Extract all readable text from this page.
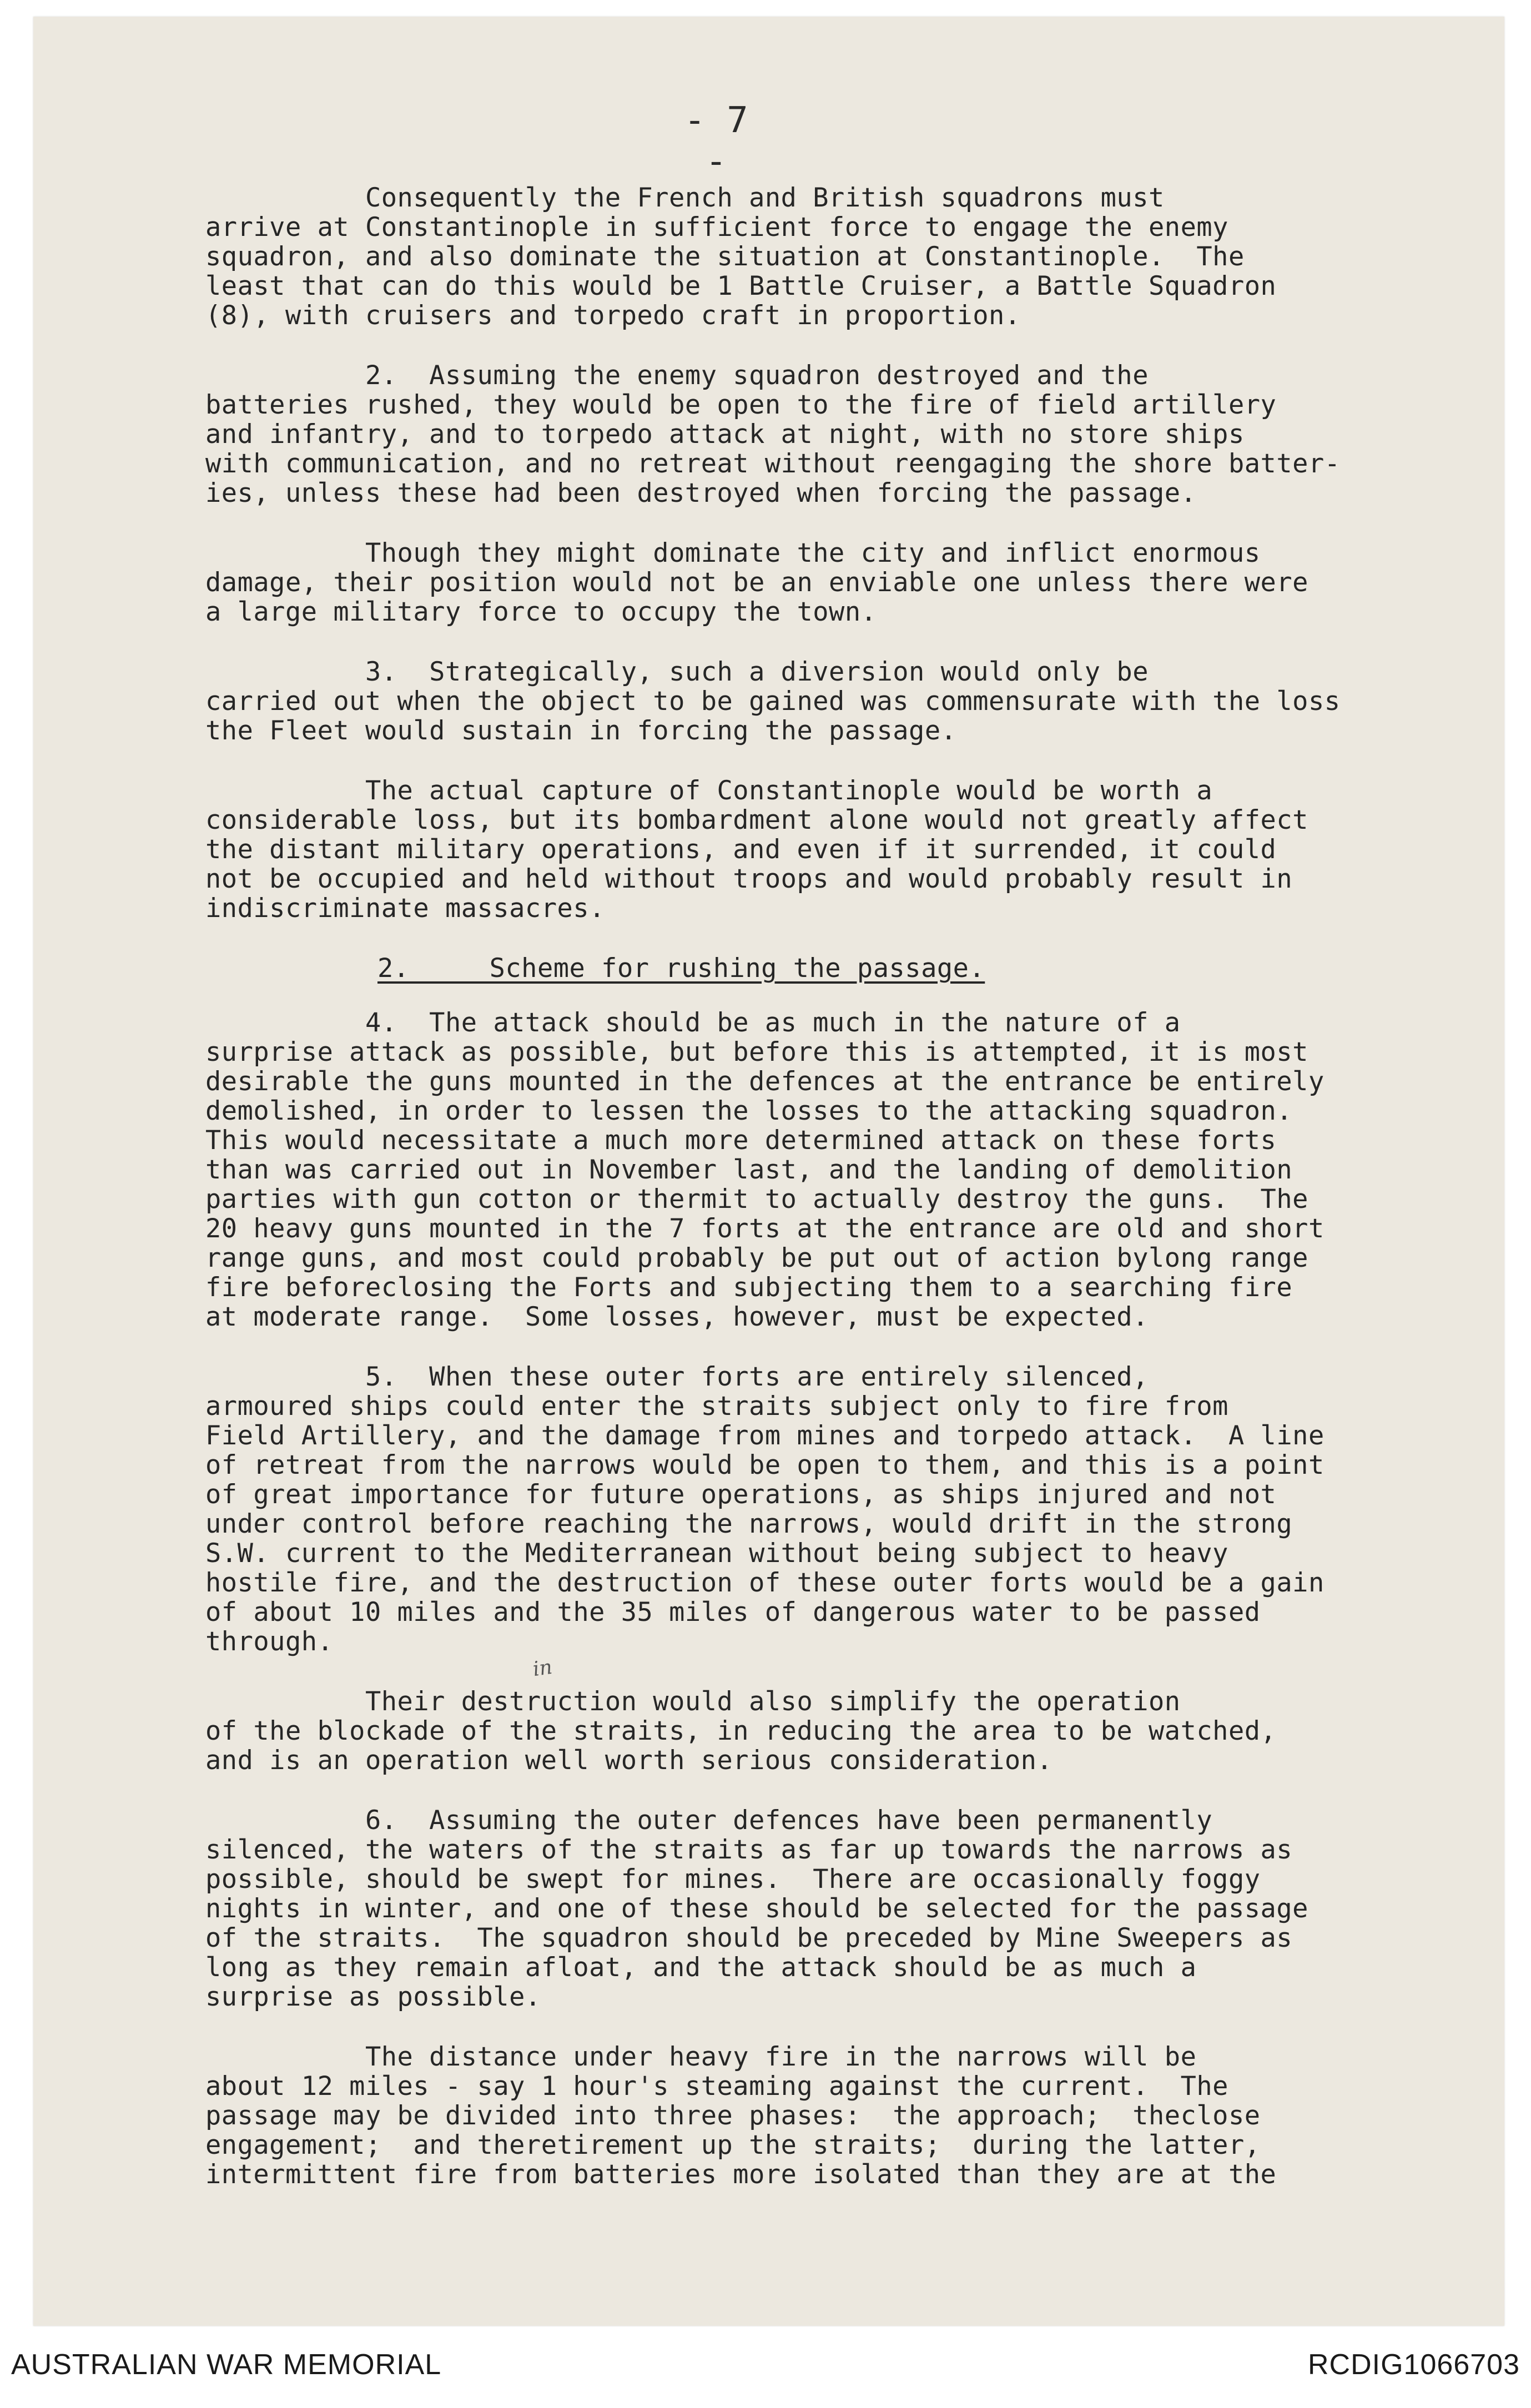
- 7 -

Consequently the French and British squadrons must
arrive at Constantinople in sufficient force to engage the enemy
squadron, and also dominate the situation at Constantinople.  The
least that can do this would be 1 Battle Cruiser, a Battle Squadron
(8), with cruisers and torpedo craft in proportion.

2.  Assuming the enemy squadron destroyed and the
batteries rushed, they would be open to the fire of field artillery
and infantry, and to torpedo attack at night, with no store ships
with communication, and no retreat without reengaging the shore batter-
ies, unless these had been destroyed when forcing the passage.

Though they might dominate the city and inflict enormous
damage, their position would not be an enviable one unless there were
a large military force to occupy the town.

3.  Strategically, such a diversion would only be
carried out when the object to be gained was commensurate with the loss
the Fleet would sustain in forcing the passage.

The actual capture of Constantinople would be worth a
considerable loss, but its bombardment alone would not greatly affect
the distant military operations, and even if it surrended, it could
not be occupied and held without troops and would probably result in
indiscriminate massacres.

2.     Scheme for rushing the passage.

4.  The attack should be as much in the nature of a
surprise attack as possible, but before this is attempted, it is most
desirable the guns mounted in the defences at the entrance be entirely
demolished, in order to lessen the losses to the attacking squadron.
This would necessitate a much more determined attack on these forts
than was carried out in November last, and the landing of demolition
parties with gun cotton or thermit to actually destroy the guns.  The
20 heavy guns mounted in the 7 forts at the entrance are old and short
range guns, and most could probably be put out of action bylong range
fire beforeclosing the Forts and subjecting them to a searching fire
at moderate range.  Some losses, however, must be expected.

5.  When these outer forts are entirely silenced,
armoured ships could enter the straits subject only to fire from
Field Artillery, and the damage from mines and torpedo attack.  A line
of retreat from the narrows would be open to them, and this is a point
of great importance for future operations, as ships injured and not
under control before reaching the narrows, would drift in the strong
S.W. current to the Mediterranean without being subject to heavy
hostile fire, and the destruction of these outer forts would be a gain
of about 10 miles and the 35 miles of dangerous water to be passed
through.

Their destruction would also simplify the operation
of the blockade of the straits, in reducing the area to be watched,
and is an operation well worth serious consideration.

6.  Assuming the outer defences have been permanently
silenced, the waters of the straits as far up towards the narrows as
possible, should be swept for mines.  There are occasionally foggy
nights in winter, and one of these should be selected for the passage
of the straits.  The squadron should be preceded by Mine Sweepers as
long as they remain afloat, and the attack should be as much a
surprise as possible.

The distance under heavy fire in the narrows will be
about 12 miles - say 1 hour's steaming against the current.  The
passage may be divided into three phases:  the approach;  theclose
engagement;  and theretirement up the straits;  during the latter,
intermittent fire from batteries more isolated than they are at the

in
AUSTRALIAN WAR MEMORIAL	RCDIG1066703
